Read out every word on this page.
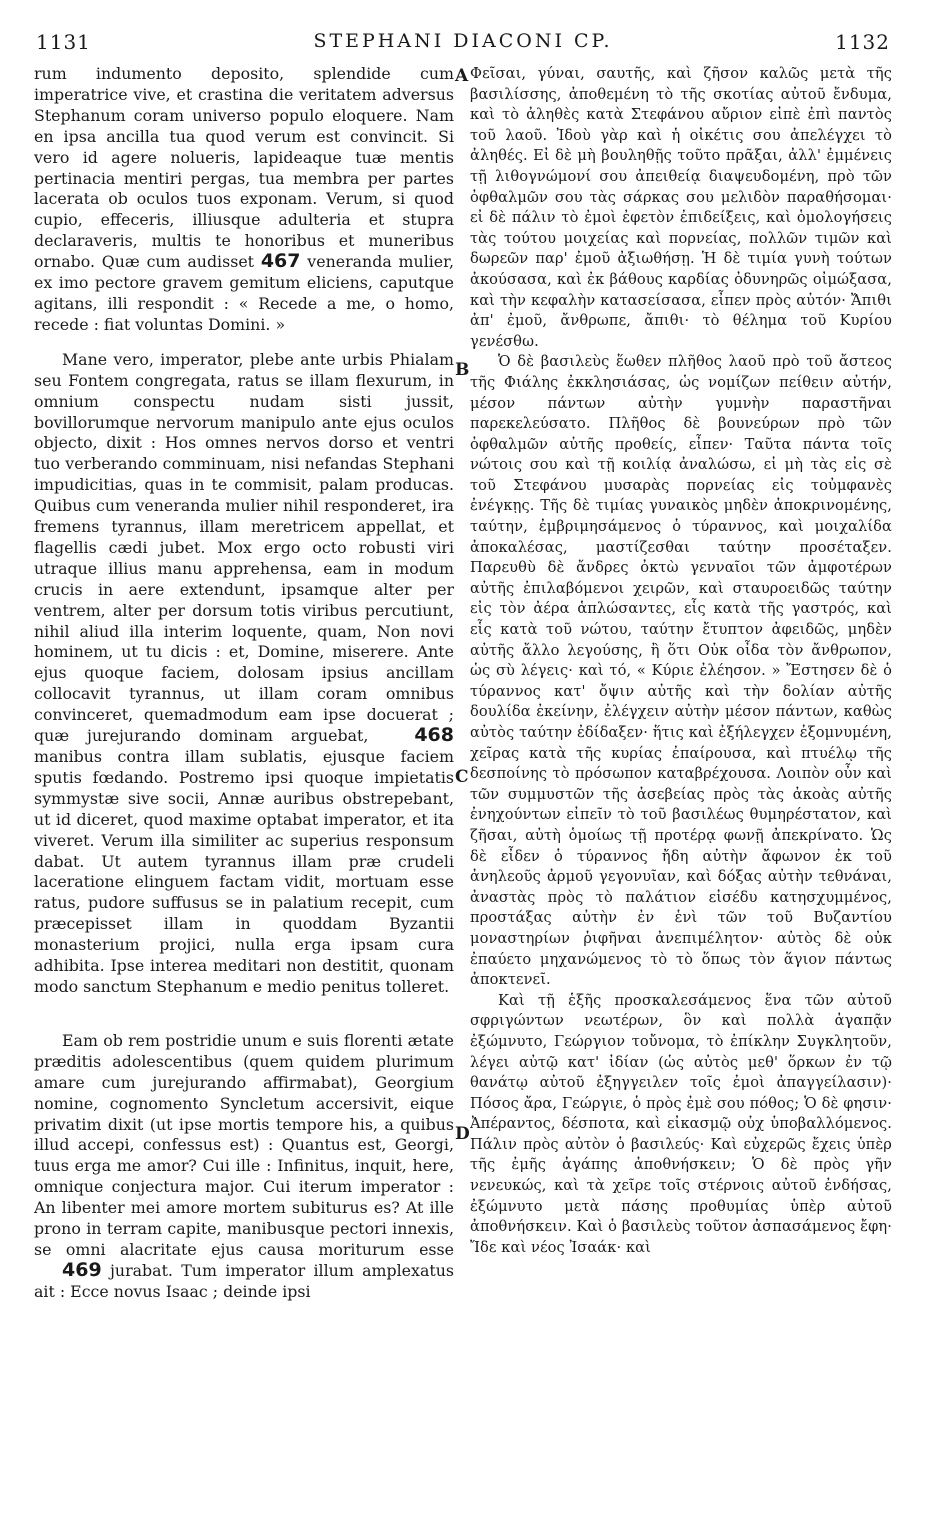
1131	STEPHANI DIACONI CP.	1132
A
B
C
D

rum indumento deposito, splendide cum imperatrice vive, et crastina die veritatem adversus Stephanum coram universo populo eloquere. Nam en ipsa ancilla tua quod verum est convincit. Si vero id agere nolueris, lapideaque tuæ mentis pertinacia mentiri pergas, tua membra per partes lacerata ob oculos tuos exponam. Verum, si quod cupio, effeceris, illiusque adulteria et stupra declaraveris, multis te honoribus et muneribus ornabo. Quæ cum audisset 467 veneranda mulier, ex imo pectore gravem gemitum eliciens, caputque agitans, illi respondit : « Recede a me, o homo, recede : fiat voluntas Domini. »

Mane vero, imperator, plebe ante urbis Phialam seu Fontem congregata, ratus se illam flexurum, in omnium conspectu nudam sisti jussit, bovillorumque nervorum manipulo ante ejus oculos objecto, dixit : Hos omnes nervos dorso et ventri tuo verberando comminuam, nisi nefandas Stephani impudicitias, quas in te commisit, palam producas. Quibus cum veneranda mulier nihil responderet, ira fremens tyrannus, illam meretricem appellat, et flagellis cædi jubet. Mox ergo octo robusti viri utraque illius manu apprehensa, eam in modum crucis in aere extendunt, ipsamque alter per ventrem, alter per dorsum totis viribus percutiunt, nihil aliud illa interim loquente, quam, Non novi hominem, ut tu dicis : et, Domine, miserere. Ante ejus quoque faciem, dolosam ipsius ancillam collocavit tyrannus, ut illam coram omnibus convinceret, quemadmodum eam ipse docuerat ; quæ jurejurando dominam arguebat, 468 manibus contra illam sublatis, ejusque faciem sputis fœdando. Postremo ipsi quoque impietatis symmystæ sive socii, Annæ auribus obstrepebant, ut id diceret, quod maxime optabat imperator, et ita viveret. Verum illa similiter ac superius responsum dabat. Ut autem tyrannus illam præ crudeli laceratione elinguem factam vidit, mortuam esse ratus, pudore suffusus se in palatium recepit, cum præcepisset illam in quoddam Byzantii monasterium projici, nulla erga ipsam cura adhibita. Ipse interea meditari non destitit, quonam modo sanctum Stephanum e medio penitus tolleret.

Eam ob rem postridie unum e suis florenti ætate præditis adolescentibus (quem quidem plurimum amare cum jurejurando affirmabat), Georgium nomine, cognomento Syncletum accersivit, eique privatim dixit (ut ipse mortis tempore his, a quibus illud accepi, confessus est) : Quantus est, Georgi, tuus erga me amor? Cui ille : Infinitus, inquit, here, omnique conjectura major. Cui iterum imperator : An libenter mei amore mortem subiturus es? At ille prono in terram capite, manibusque pectori innexis, se omni alacritate ejus causa moriturum esse 469 jurabat. Tum imperator illum amplexatus ait : Ecce novus Isaac ; deinde ipsi

Φεῖσαι, γύναι, σαυτῆς, καὶ ζῆσον καλῶς μετὰ τῆς βασιλίσσης, ἀποθεμένη τὸ τῆς σκοτίας αὐτοῦ ἔνδυμα, καὶ τὸ ἀληθὲς κατὰ Στεφάνου αὔριον εἰπὲ ἐπὶ παντὸς τοῦ λαοῦ. Ἰδοὺ γὰρ καὶ ἡ οἰκέτις σου ἀπελέγχει τὸ ἀληθές. Εἰ δὲ μὴ βουληθῇς τοῦτο πρᾶξαι, ἀλλ' ἐμμένεις τῇ λιθογνώμονί σου ἀπειθείᾳ διαψευδομένη, πρὸ τῶν ὀφθαλμῶν σου τὰς σάρκας σου μελιδὸν παραθήσομαι· εἰ δὲ πάλιν τὸ ἐμοὶ ἐφετὸν ἐπιδείξεις, καὶ ὁμολογήσεις τὰς τούτου μοιχείας καὶ πορνείας, πολλῶν τιμῶν καὶ δωρεῶν παρ' ἐμοῦ ἀξιωθήσῃ. Ἡ δὲ τιμία γυνὴ τούτων ἀκούσασα, καὶ ἐκ βάθους καρδίας ὀδυνηρῶς οἰμώξασα, καὶ τὴν κεφαλὴν κατασείσασα, εἶπεν πρὸς αὐτόν· Ἄπιθι ἀπ' ἐμοῦ, ἄνθρωπε, ἄπιθι· τὸ θέλημα τοῦ Κυρίου γενέσθω.

Ὁ δὲ βασιλεὺς ἕωθεν πλῆθος λαοῦ πρὸ τοῦ ἄστεος τῆς Φιάλης ἐκκλησιάσας, ὡς νομίζων πείθειν αὐτήν, μέσον πάντων αὐτὴν γυμνὴν παραστῆναι παρεκελεύσατο. Πλῆθος δὲ βουνεύρων πρὸ τῶν ὀφθαλμῶν αὐτῆς προθείς, εἶπεν· Ταῦτα πάντα τοῖς νώτοις σου καὶ τῇ κοιλίᾳ ἀναλώσω, εἰ μὴ τὰς εἰς σὲ τοῦ Στεφάνου μυσαρὰς πορνείας εἰς τοὐμφανὲς ἐνέγκῃς. Τῆς δὲ τιμίας γυναικὸς μηδὲν ἀποκρινομένης, ταύτην, ἐμβριμησάμενος ὁ τύραννος, καὶ μοιχαλίδα ἀποκαλέσας, μαστίζεσθαι ταύτην προσέταξεν. Παρευθὺ δὲ ἄνδρες ὀκτὼ γενναῖοι τῶν ἀμφοτέρων αὐτῆς ἐπιλαβόμενοι χειρῶν, καὶ σταυροειδῶς ταύτην εἰς τὸν ἀέρα ἁπλώσαντες, εἷς κατὰ τῆς γαστρός, καὶ εἷς κατὰ τοῦ νώτου, ταύτην ἔτυπτον ἀφειδῶς, μηδὲν αὐτῆς ἄλλο λεγούσης, ἢ ὅτι Οὐκ οἶδα τὸν ἄνθρωπον, ὡς σὺ λέγεις· καὶ τό, « Κύριε ἐλέησον. » Ἔστησεν δὲ ὁ τύραννος κατ' ὄψιν αὐτῆς καὶ τὴν δολίαν αὐτῆς δουλίδα ἐκείνην, ἐλέγχειν αὐτὴν μέσον πάντων, καθὼς αὐτὸς ταύτην ἐδίδαξεν· ἥτις καὶ ἐξήλεγχεν ἐξομνυμένη, χεῖρας κατὰ τῆς κυρίας ἐπαίρουσα, καὶ πτυέλῳ τῆς δεσποίνης τὸ πρόσωπον καταβρέχουσα. Λοιπὸν οὖν καὶ τῶν συμμυστῶν τῆς ἀσεβείας πρὸς τὰς ἀκοὰς αὐτῆς ἐνηχούντων εἰπεῖν τὸ τοῦ βασιλέως θυμηρέστατον, καὶ ζῆσαι, αὐτὴ ὁμοίως τῇ προτέρᾳ φωνῇ ἀπεκρίνατο. Ὡς δὲ εἶδεν ὁ τύραννος ἤδη αὐτὴν ἄφωνον ἐκ τοῦ ἀνηλεοῦς ἀρμοῦ γεγονυῖαν, καὶ δόξας αὐτὴν τεθνάναι, ἀναστὰς πρὸς τὸ παλάτιον εἰσέδυ κατησχυμμένος, προστάξας αὐτὴν ἐν ἑνὶ τῶν τοῦ Βυζαντίου μοναστηρίων ῥιφῆναι ἀνεπιμέλητον· αὐτὸς δὲ οὐκ ἐπαύετο μηχανώμενος τὸ τὸ ὅπως τὸν ἅγιον πάντως ἀποκτενεῖ.

Καὶ τῇ ἑξῆς προσκαλεσάμενος ἕνα τῶν αὐτοῦ σφριγώντων νεωτέρων, ὃν καὶ πολλὰ ἀγαπᾷν ἐξώμνυτο, Γεώργιον τοὔνομα, τὸ ἐπίκλην Συγκλητοῦν, λέγει αὐτῷ κατ' ἰδίαν (ὡς αὐτὸς μεθ' ὅρκων ἐν τῷ θανάτῳ αὐτοῦ ἐξηγγειλεν τοῖς ἐμοὶ ἀπαγγείλασιν)· Πόσος ἄρα, Γεώργιε, ὁ πρὸς ἐμὲ σου πόθος; Ὁ δὲ φησιν· Ἀπέραντος, δέσποτα, καὶ εἰκασμῷ οὐχ ὑποβαλλόμενος. Πάλιν πρὸς αὐτὸν ὁ βασιλεύς· Καὶ εὐχερῶς ἔχεις ὑπὲρ τῆς ἐμῆς ἀγάπης ἀποθνήσκειν; Ὁ δὲ πρὸς γῆν νενευκώς, καὶ τὰ χεῖρε τοῖς στέρνοις αὐτοῦ ἐνδήσας, ἐξώμνυτο μετὰ πάσης προθυμίας ὑπὲρ αὐτοῦ ἀποθνήσκειν. Καὶ ὁ βασιλεὺς τοῦτον ἀσπασάμενος ἔφη· Ἴδε καὶ νέος Ἰσαάκ· καὶ
